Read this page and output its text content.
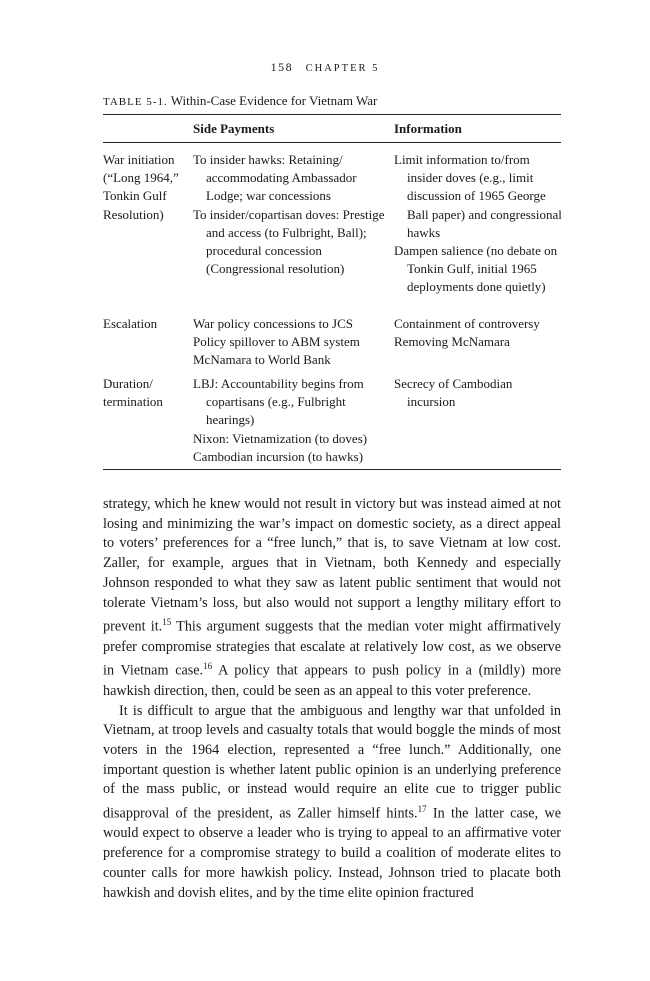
158 CHAPTER 5
TABLE 5-1. Within-Case Evidence for Vietnam War
Side Payments	Information
War initiation (“Long 1964,” Tonkin Gulf Resolution)
To insider hawks: Retaining/ accommodating Ambassador Lodge; war concessions
To insider/copartisan doves: Prestige and access (to Fulbright, Ball); procedural concession (Congressional resolution)
Limit information to/from insider doves (e.g., limit discussion of 1965 George Ball paper) and congressional hawks
Dampen salience (no debate on Tonkin Gulf, initial 1965 deployments done quietly)
Escalation	War policy concessions to JCS
Policy spillover to ABM system
McNamara to World Bank
Containment of controversy
Removing McNamara
Duration/ termination
LBJ: Accountability begins from copartisans (e.g., Fulbright hearings)
Nixon: Vietnamization (to doves)
Cambodian incursion (to hawks)
Secrecy of Cambodian incursion

strategy, which he knew would not result in victory but was instead aimed at not losing and minimizing the war’s impact on domestic society, as a direct appeal to voters’ preferences for a “free lunch,” that is, to save Vietnam at low cost. Zaller, for example, argues that in Vietnam, both Kennedy and especially Johnson responded to what they saw as latent public sentiment that would not tolerate Vietnam’s loss, but also would not support a lengthy military effort to prevent it.$^{15}$ This argument suggests that the median voter might affirmatively prefer compromise strategies that escalate at relatively low cost, as we observe in Vietnam case.$^{16}$ A policy that appears to push policy in a (mildly) more hawkish direction, then, could be seen as an appeal to this voter preference.

It is difficult to argue that the ambiguous and lengthy war that unfolded in Vietnam, at troop levels and casualty totals that would boggle the minds of most voters in the 1964 election, represented a “free lunch.” Additionally, one important question is whether latent public opinion is an underlying preference of the mass public, or instead would require an elite cue to trigger public disapproval of the president, as Zaller himself hints.$^{17}$ In the latter case, we would expect to observe a leader who is trying to appeal to an affirmative voter preference for a compromise strategy to build a coalition of moderate elites to counter calls for more hawkish policy. Instead, Johnson tried to placate both hawkish and dovish elites, and by the time elite opinion fractured
